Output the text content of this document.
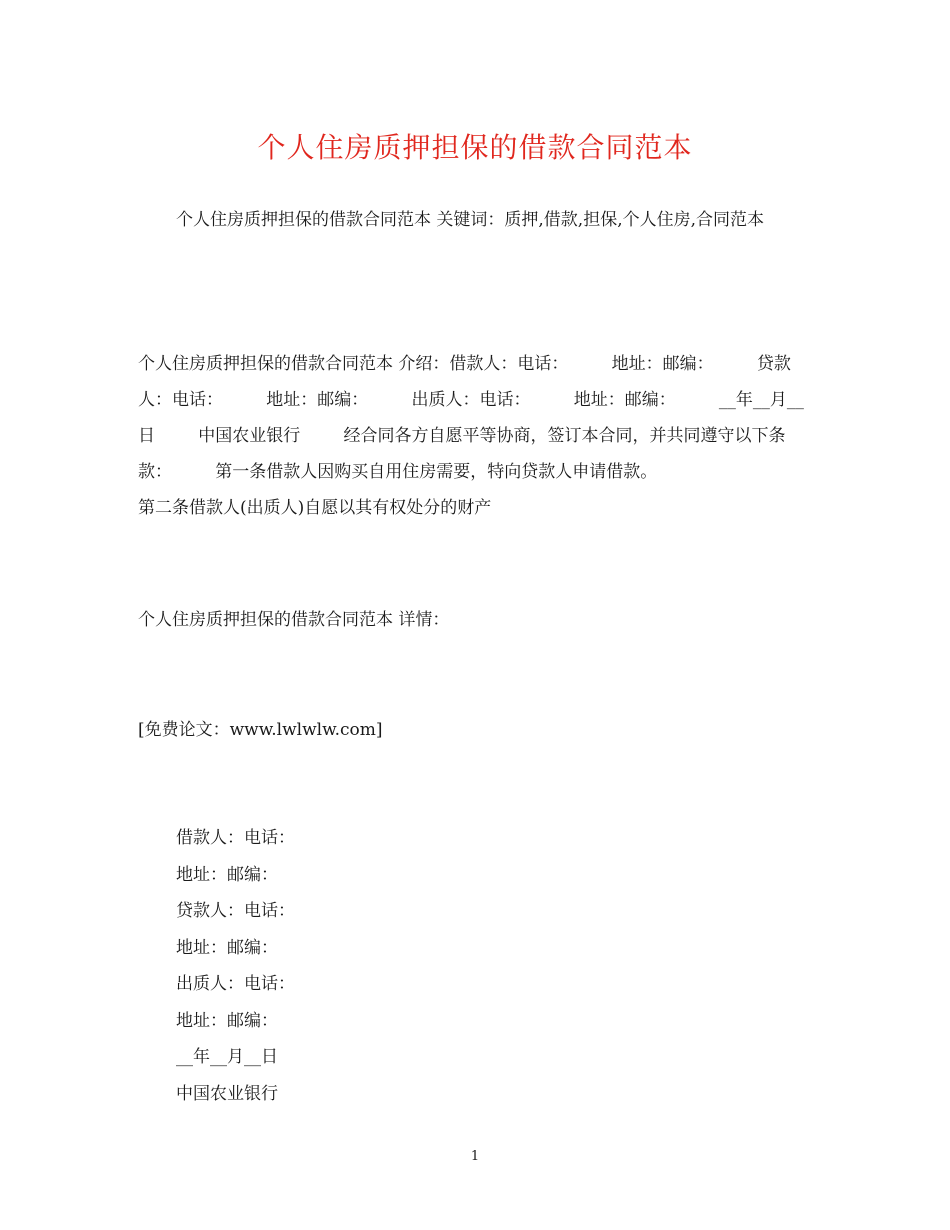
个人住房质押担保的借款合同范本
个人住房质押担保的借款合同范本 关键词：质押,借款,担保,个人住房,合同范本
个人住房质押担保的借款合同范本 介绍：借款人：电话：        地址：邮编：        贷款人：电话：        地址：邮编：        出质人：电话：        地址：邮编：        __年__月__日        中国农业银行        经合同各方自愿平等协商，签订本合同，并共同遵守以下条款：        第一条借款人因购买自用住房需要，特向贷款人申请借款。
第二条借款人(出质人)自愿以其有权处分的财产
个人住房质押担保的借款合同范本 详情：
[免费论文：www.lwlwlw.com]
借款人：电话：
地址：邮编：
贷款人：电话：
地址：邮编：
出质人：电话：
地址：邮编：
__年__月__日
中国农业银行
1
